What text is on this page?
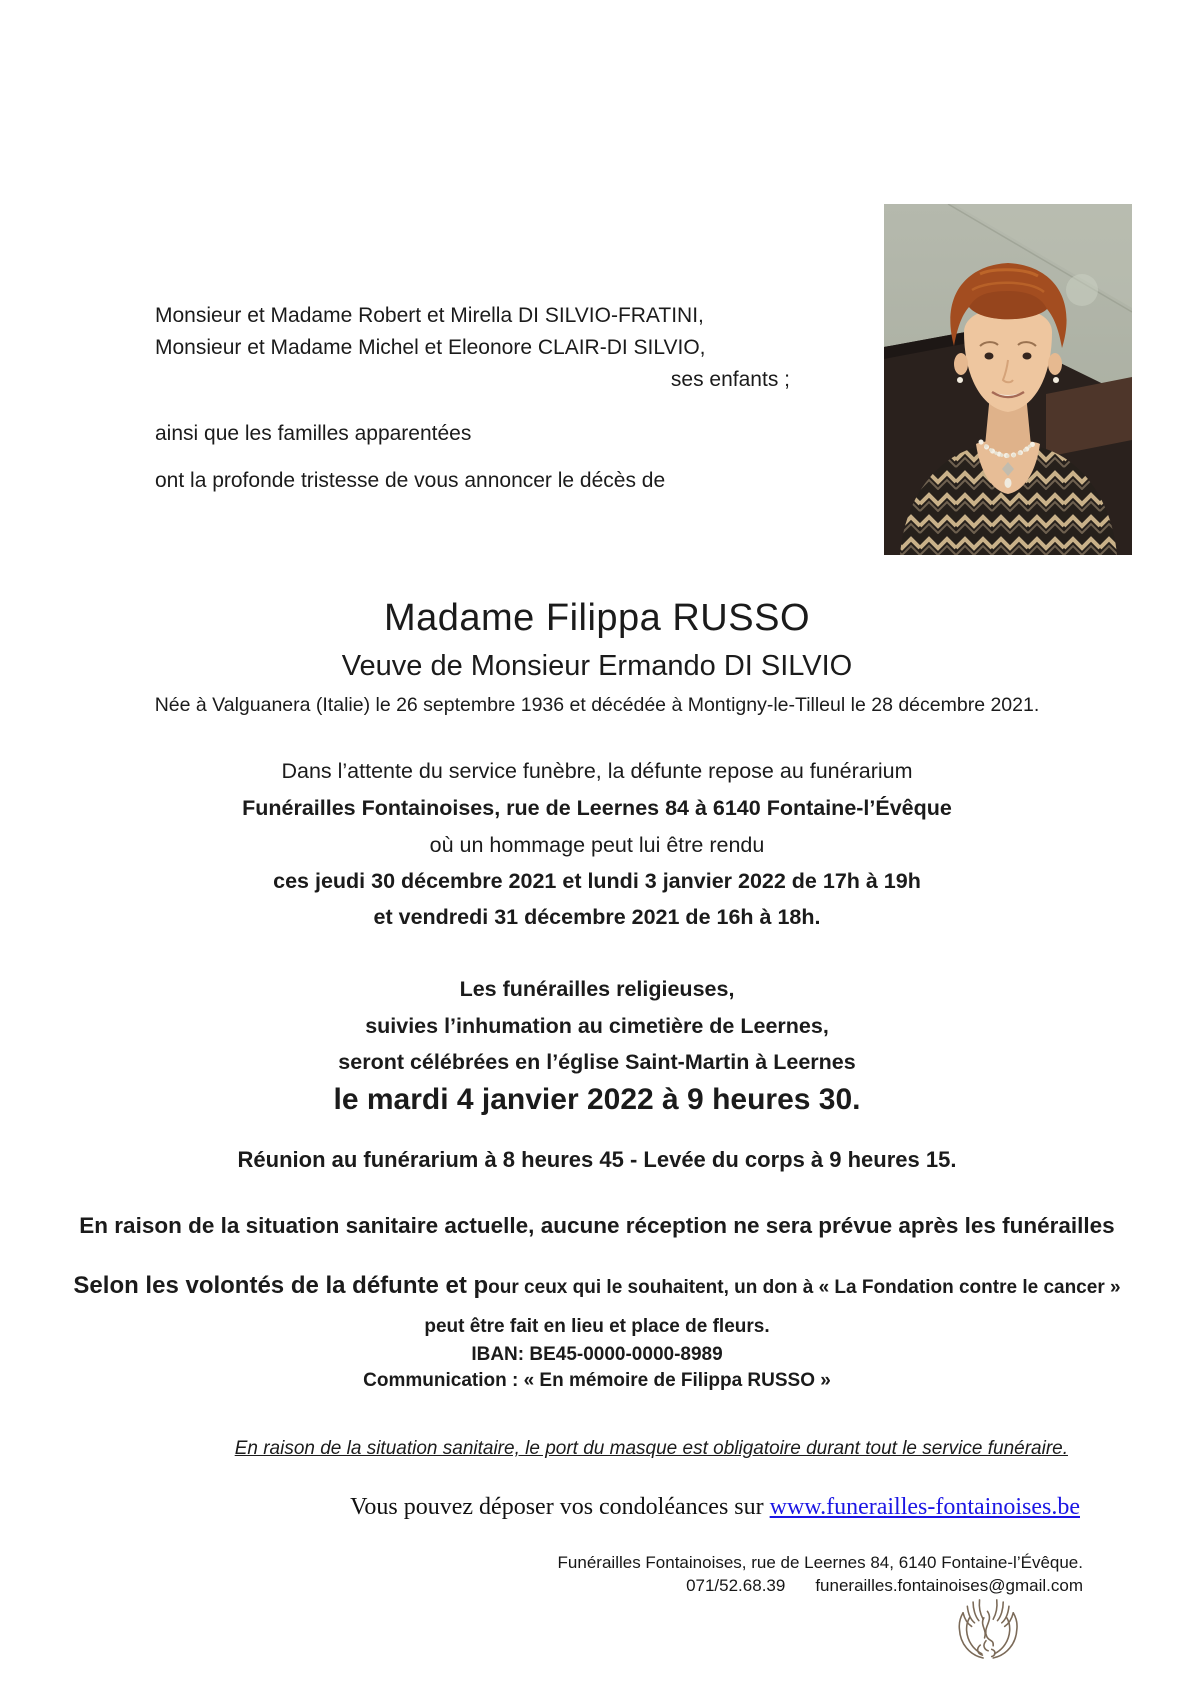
Monsieur et Madame Robert et Mirella DI SILVIO-FRATINI,
Monsieur et Madame Michel et Eleonore CLAIR-DI SILVIO,
ses enfants ;
ainsi que les familles apparentées
ont la profonde tristesse de vous annoncer le décès de
Madame Filippa RUSSO
Veuve de Monsieur Ermando DI SILVIO
Née à Valguanera (Italie) le 26 septembre 1936 et décédée à Montigny-le-Tilleul le 28 décembre 2021.
Dans l’attente du service funèbre, la défunte repose au funérarium
Funérailles Fontainoises, rue de Leernes 84 à 6140 Fontaine-l’Évêque
où un hommage peut lui être rendu
ces jeudi 30 décembre 2021 et lundi 3 janvier 2022 de 17h à 19h
et vendredi 31 décembre 2021 de 16h à 18h.
Les funérailles religieuses,
suivies l’inhumation au cimetière de Leernes,
seront célébrées en l’église Saint-Martin à Leernes
le mardi 4 janvier 2022 à 9 heures 30.
Réunion au funérarium à 8 heures 45 - Levée du corps à 9 heures 15.
En raison de la situation sanitaire actuelle, aucune réception ne sera prévue après les funérailles
Selon les volontés de la défunte et pour ceux qui le souhaitent, un don à « La Fondation contre le cancer »
peut être fait en lieu et place de fleurs.
IBAN: BE45-0000-0000-8989
Communication : « En mémoire de Filippa RUSSO »
En raison de la situation sanitaire, le port du masque est obligatoire durant tout le service funéraire.
Vous pouvez déposer vos condoléances sur www.funerailles-fontainoises.be
Funérailles Fontainoises, rue de Leernes 84, 6140 Fontaine-l’Évêque.
071/52.68.39 funerailles.fontainoises@gmail.com
